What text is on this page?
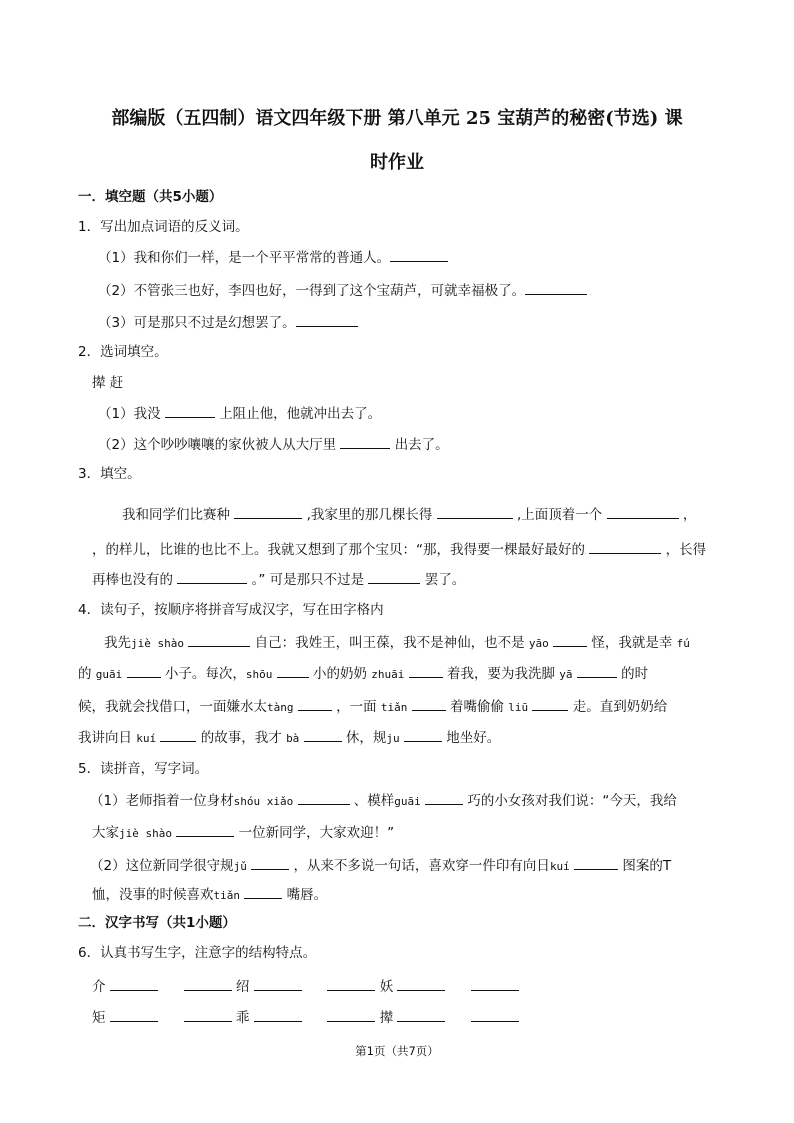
部编版（五四制）语文四年级下册 第八单元 25 宝葫芦的秘密(节选) 课
时作业
一．填空题（共5小题）
1．写出加点词语的反义词。
（1）我和你们一样，是一个平平常常的普通人。
（2）不管张三也好，李四也好，一得到了这个宝葫芦，可就幸福极了。
（3）可是那只不过是幻想罢了。
2．选词填空。
撵 赶
（1）我没	上阻止他，他就冲出去了。
（2）这个吵吵嚷嚷的家伙被人从大厅里	出去了。
3．填空。
我和同学们比赛种	,我家里的那几棵长得	,上面顶着一个	，
，的样儿，比谁的也比不上。我就又想到了那个宝贝：“那，我得要一棵最好最好的	，长得
再棒也没有的	。” 可是那只不过是	罢了。
4．读句子，按顺序将拼音写成汉字，写在田字格内
我先jiè shào	自己：我姓王，叫王葆，我不是神仙，也不是 yāo	怪，我就是幸 fú
的 guāi	小子。每次，shōu	小的奶奶 zhuāi	着我，要为我洗脚 yā	的时
候，我就会找借口，一面嫌水太tàng	，一面 tiǎn	着嘴偷偷 liū	走。直到奶奶给
我讲向日 kuí	的故事，我才 bà	休，规ju	地坐好。
5．读拼音，写字词。
（1）老师指着一位身材shóu xiǎo	、模样guāi	巧的小女孩对我们说：“今天，我给
大家jiè shào	一位新同学，大家欢迎！”
（2）这位新同学很守规jǔ	，从来不多说一句话，喜欢穿一件印有向日kuí	图案的T
恤，没事的时候喜欢tiǎn	嘴唇。
二．汉字书写（共1小题）
6．认真书写生字，注意字的结构特点。
介	绍	妖
矩	乖	撵
第1页（共7页）
